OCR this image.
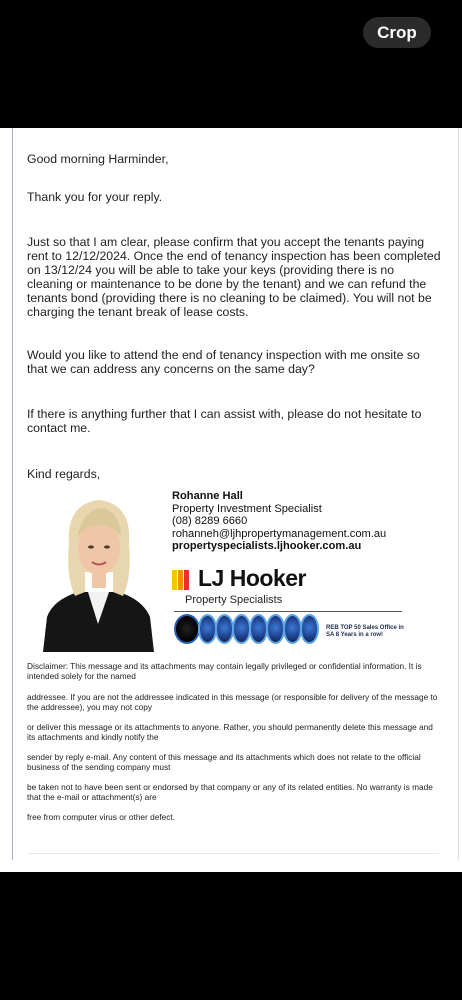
Crop

Good morning Harminder,

Thank you for your reply.

Just so that I am clear, please confirm that you accept the tenants paying rent to 12/12/2024. Once the end of tenancy inspection has been completed on 13/12/24 you will be able to take your keys (providing there is no cleaning or maintenance to be done by the tenant) and we can refund the tenants bond (providing there is no cleaning to be claimed). You will not be charging the tenant break of lease costs.

Would you like to attend the end of tenancy inspection with me onsite so that we can address any concerns on the same day?

If there is anything further that I can assist with, please do not hesitate to contact me.

Kind regards,

Rohanne Hall
Property Investment Specialist
(08) 8289 6660
rohanneh@ljhpropertymanagement.com.au
propertyspecialists.ljhooker.com.au
LJ Hooker
Property Specialists
REB TOP 50 Sales Office in SA 8 Years in a row!

Disclaimer: This message and its attachments may contain legally privileged or confidential information. It is intended solely for the named

addressee. If you are not the addressee indicated in this message (or responsible for delivery of the message to the addressee), you may not copy

or deliver this message or its attachments to anyone. Rather, you should permanently delete this message and its attachments and kindly notify the

sender by reply e-mail. Any content of this message and its attachments which does not relate to the official business of the sending company must

be taken not to have been sent or endorsed by that company or any of its related entities. No warranty is made that the e-mail or attachment(s) are

free from computer virus or other defect.
